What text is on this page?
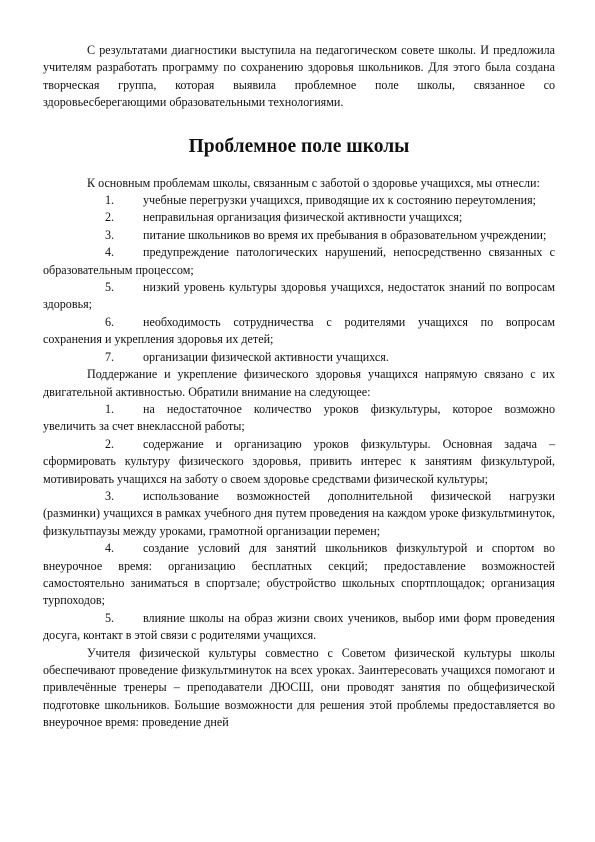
С результатами диагностики выступила на педагогическом совете школы. И предложила учителям разработать программу по сохранению здоровья школьников. Для этого была создана творческая группа, которая выявила проблемное поле школы, связанное со здоровьесберегающими образовательными технологиями.

Проблемное поле школы

К основным проблемам школы, связанным с заботой о здоровье учащихся, мы отнесли:

1. учебные перегрузки учащихся, приводящие их к состоянию переутомления;

2. неправильная организация физической активности учащихся;

3. питание школьников во время их пребывания в образовательном учреждении;

4. предупреждение патологических нарушений, непосредственно связанных с образовательным процессом;

5. низкий уровень культуры здоровья учащихся, недостаток знаний по вопросам здоровья;

6. необходимость сотрудничества с родителями учащихся по вопросам сохранения и укрепления здоровья их детей;

7. организации физической активности учащихся.

Поддержание и укрепление физического здоровья учащихся напрямую связано с их двигательной активностью. Обратили внимание на следующее:

1. на недостаточное количество уроков физкультуры, которое возможно увеличить за счет внеклассной работы;

2. содержание и организацию уроков физкультуры. Основная задача – сформировать культуру физического здоровья, привить интерес к занятиям физкультурой, мотивировать учащихся на заботу о своем здоровье средствами физической культуры;

3. использование возможностей дополнительной физической нагрузки (разминки) учащихся в рамках учебного дня путем проведения на каждом уроке физкультминуток, физкультпаузы между уроками, грамотной организации перемен;

4. создание условий для занятий школьников физкультурой и спортом во внеурочное время: организацию бесплатных секций; предоставление возможностей самостоятельно заниматься в спортзале; обустройство школьных спортплощадок; организация турпоходов;

5. влияние школы на образ жизни своих учеников, выбор ими форм проведения досуга, контакт в этой связи с родителями учащихся.

Учителя физической культуры совместно с Советом физической культуры школы обеспечивают проведение физкультминуток на всех уроках. Заинтересовать учащихся помогают и привлечённые тренеры – преподаватели ДЮСШ, они проводят занятия по общефизической подготовке школьников. Большие возможности для решения этой проблемы предоставляется во внеурочное время: проведение дней
